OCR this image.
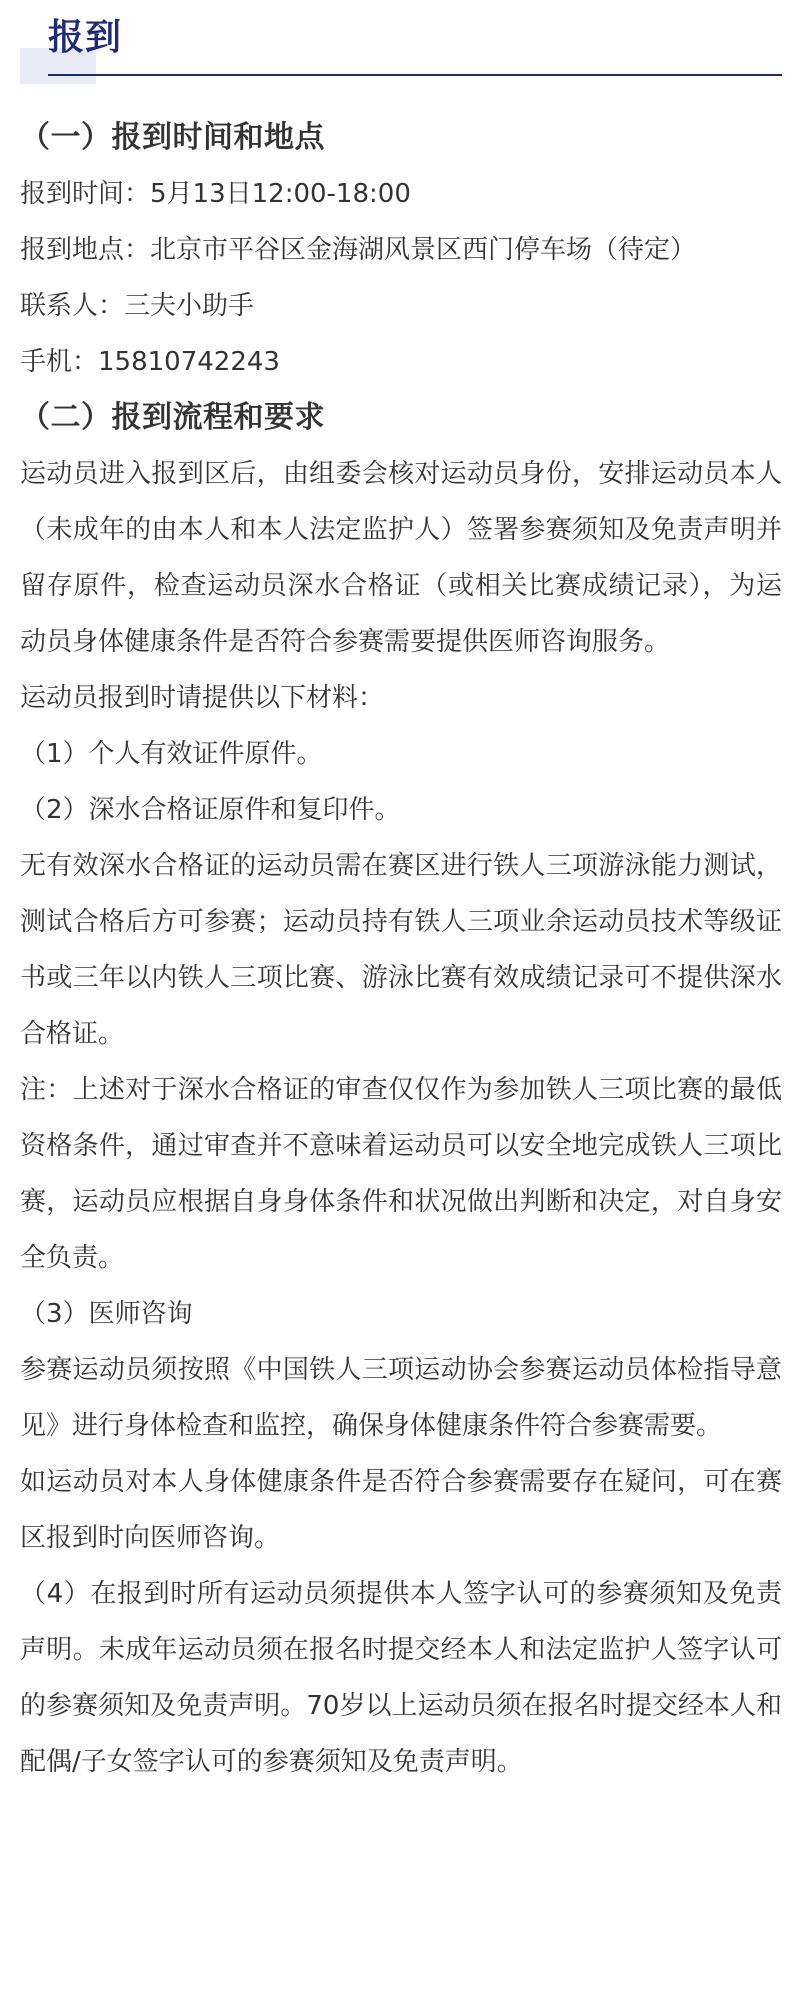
报到

（一）报到时间和地点

报到时间：5月13日12:00-18:00

报到地点：北京市平谷区金海湖风景区西门停车场（待定）

联系人：三夫小助手

手机：15810742243

（二）报到流程和要求

运动员进入报到区后，由组委会核对运动员身份，安排运动员本人（未成年的由本人和本人法定监护人）签署参赛须知及免责声明并留存原件，检查运动员深水合格证（或相关比赛成绩记录），为运动员身体健康条件是否符合参赛需要提供医师咨询服务。

运动员报到时请提供以下材料：

（1）个人有效证件原件。

（2）深水合格证原件和复印件。

无有效深水合格证的运动员需在赛区进行铁人三项游泳能力测试，测试合格后方可参赛；运动员持有铁人三项业余运动员技术等级证书或三年以内铁人三项比赛、游泳比赛有效成绩记录可不提供深水合格证。

注：上述对于深水合格证的审查仅仅作为参加铁人三项比赛的最低资格条件，通过审查并不意味着运动员可以安全地完成铁人三项比赛，运动员应根据自身身体条件和状况做出判断和决定，对自身安全负责。

（3）医师咨询

参赛运动员须按照《中国铁人三项运动协会参赛运动员体检指导意见》进行身体检查和监控，确保身体健康条件符合参赛需要。

如运动员对本人身体健康条件是否符合参赛需要存在疑问，可在赛区报到时向医师咨询。

（4）在报到时所有运动员须提供本人签字认可的参赛须知及免责声明。未成年运动员须在报名时提交经本人和法定监护人签字认可的参赛须知及免责声明。70岁以上运动员须在报名时提交经本人和配偶/子女签字认可的参赛须知及免责声明。
